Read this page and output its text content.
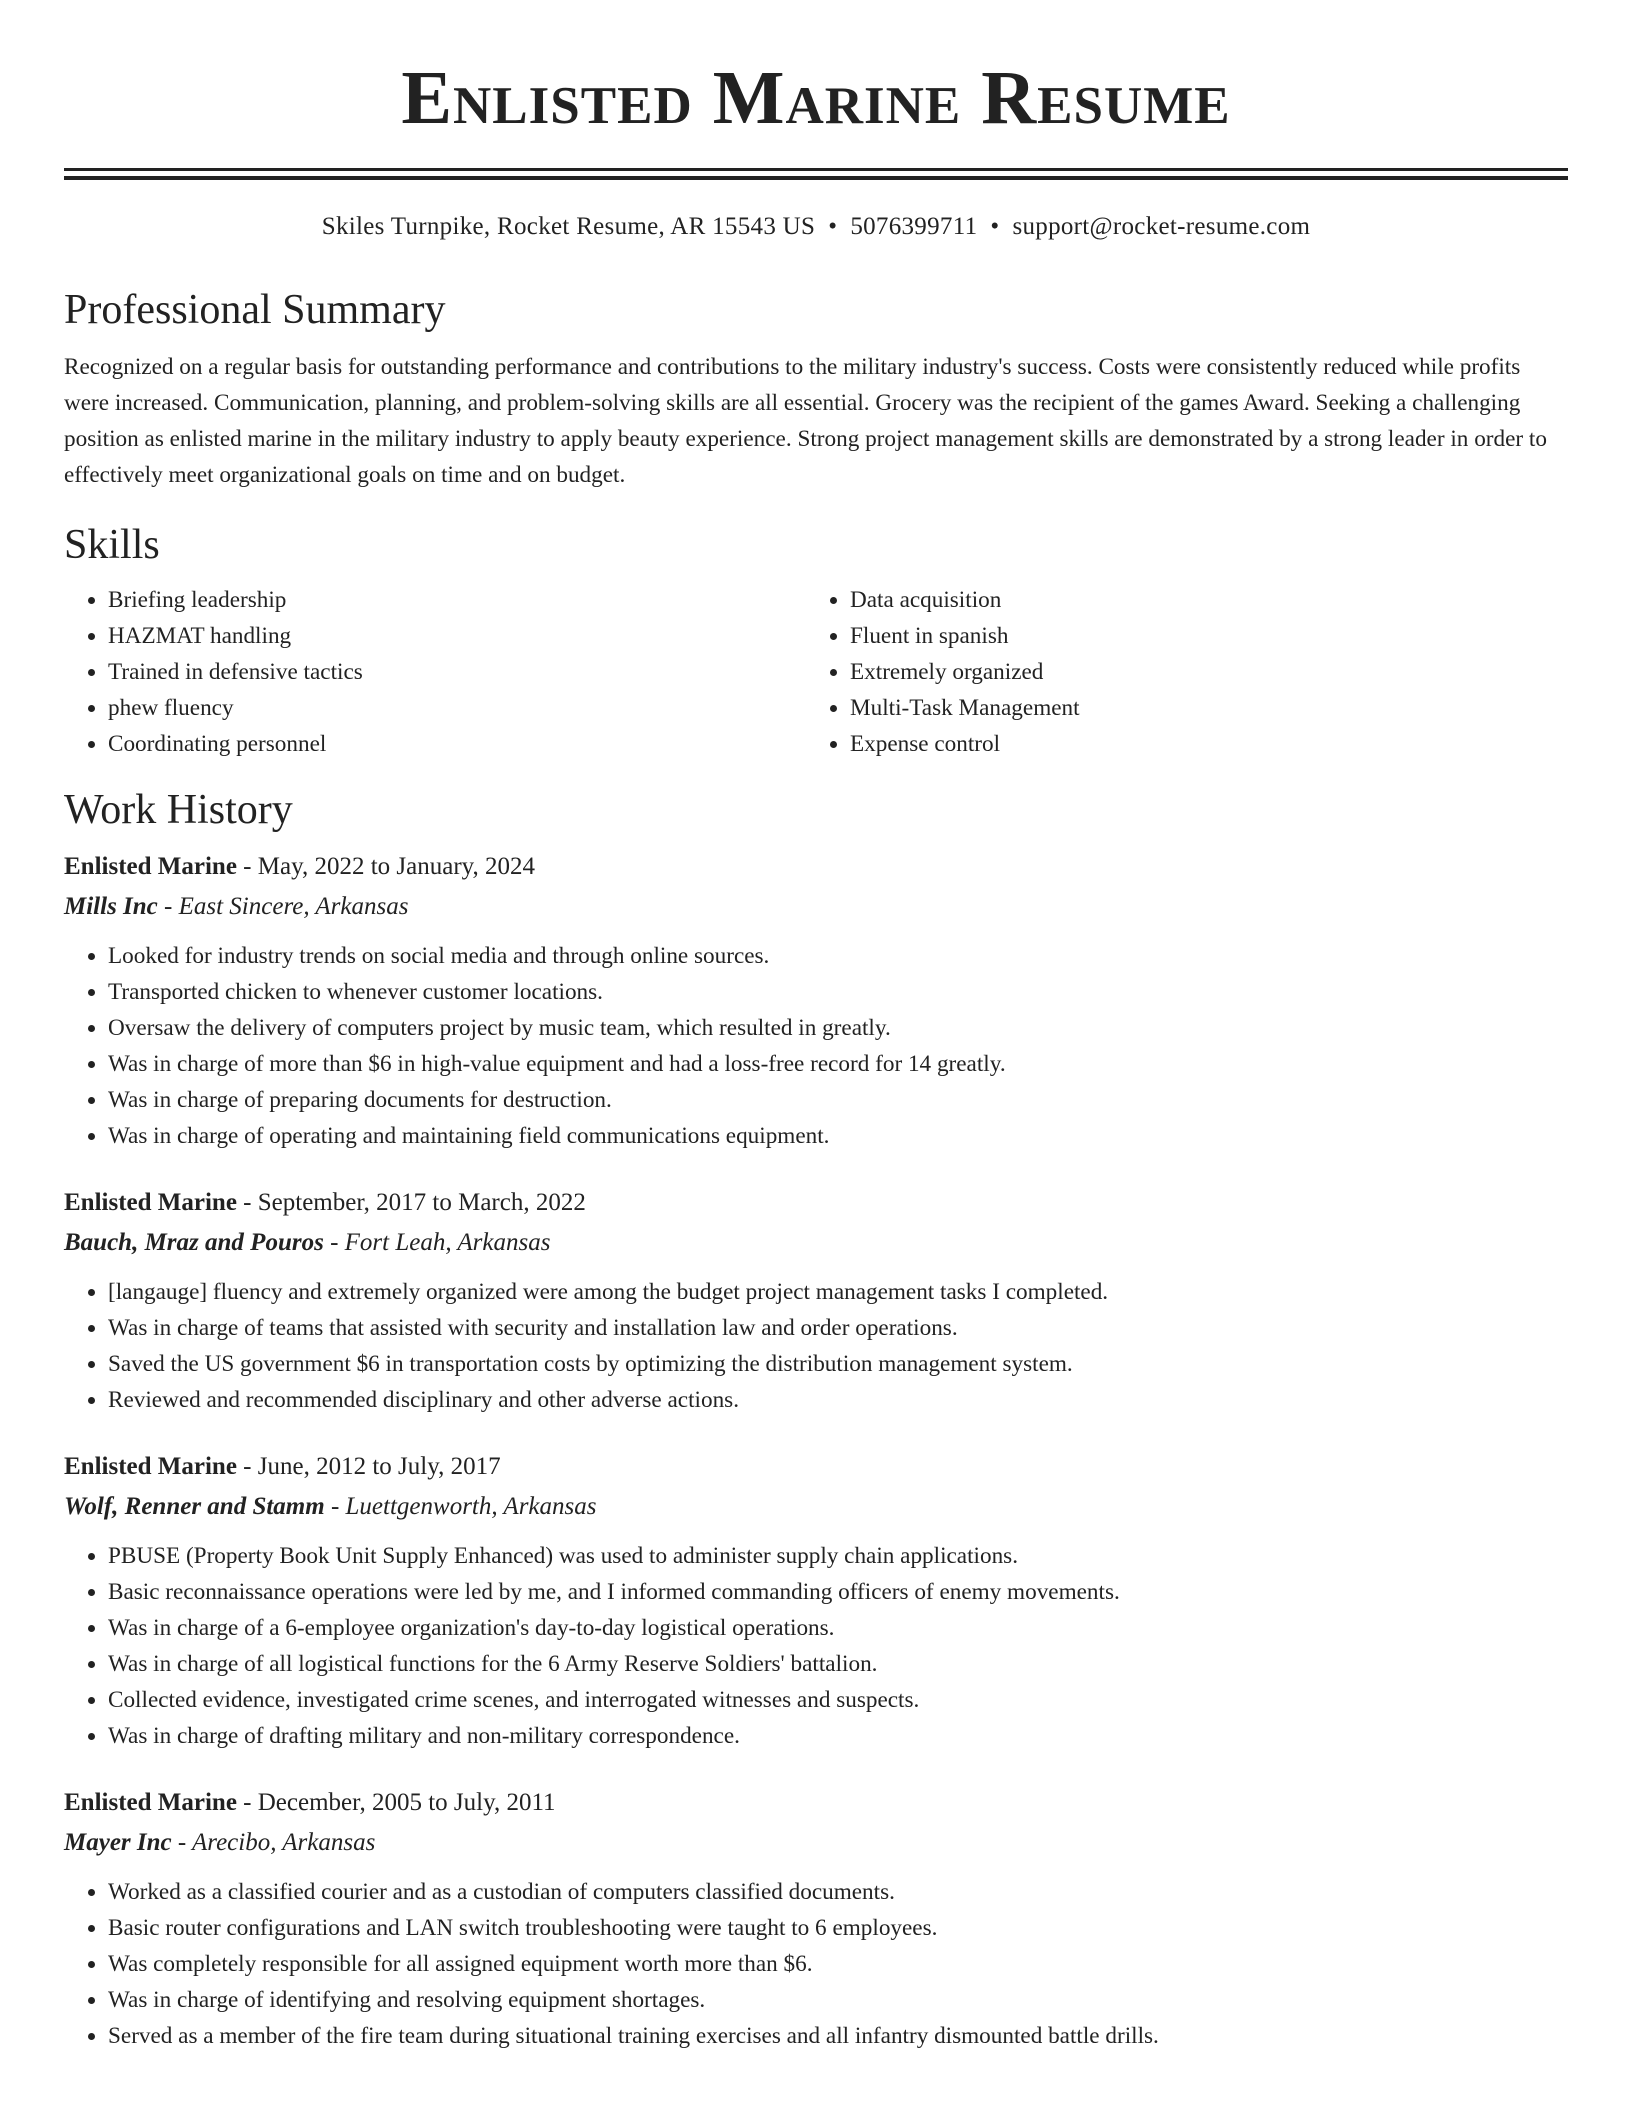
Enlisted Marine Resume
Skiles Turnpike, Rocket Resume, AR 15543 US • 5076399711 • support@rocket-resume.com
Professional Summary

Recognized on a regular basis for outstanding performance and contributions to the military industry's success. Costs were consistently reduced while profits were increased. Communication, planning, and problem-solving skills are all essential. Grocery was the recipient of the games Award. Seeking a challenging position as enlisted marine in the military industry to apply beauty experience. Strong project management skills are demonstrated by a strong leader in order to effectively meet organizational goals on time and on budget.

Skills
• Briefing leadership
• HAZMAT handling
• Trained in defensive tactics
• phew fluency
• Coordinating personnel
• Data acquisition
• Fluent in spanish
• Extremely organized
• Multi-Task Management
• Expense control
Work History
Enlisted Marine - May, 2022 to January, 2024
Mills Inc - East Sincere, Arkansas
• Looked for industry trends on social media and through online sources.
• Transported chicken to whenever customer locations.
• Oversaw the delivery of computers project by music team, which resulted in greatly.
• Was in charge of more than $6 in high-value equipment and had a loss-free record for 14 greatly.
• Was in charge of preparing documents for destruction.
• Was in charge of operating and maintaining field communications equipment.
Enlisted Marine - September, 2017 to March, 2022
Bauch, Mraz and Pouros - Fort Leah, Arkansas
• [langauge] fluency and extremely organized were among the budget project management tasks I completed.
• Was in charge of teams that assisted with security and installation law and order operations.
• Saved the US government $6 in transportation costs by optimizing the distribution management system.
• Reviewed and recommended disciplinary and other adverse actions.
Enlisted Marine - June, 2012 to July, 2017
Wolf, Renner and Stamm - Luettgenworth, Arkansas
• PBUSE (Property Book Unit Supply Enhanced) was used to administer supply chain applications.
• Basic reconnaissance operations were led by me, and I informed commanding officers of enemy movements.
• Was in charge of a 6-employee organization's day-to-day logistical operations.
• Was in charge of all logistical functions for the 6 Army Reserve Soldiers' battalion.
• Collected evidence, investigated crime scenes, and interrogated witnesses and suspects.
• Was in charge of drafting military and non-military correspondence.
Enlisted Marine - December, 2005 to July, 2011
Mayer Inc - Arecibo, Arkansas
• Worked as a classified courier and as a custodian of computers classified documents.
• Basic router configurations and LAN switch troubleshooting were taught to 6 employees.
• Was completely responsible for all assigned equipment worth more than $6.
• Was in charge of identifying and resolving equipment shortages.
• Served as a member of the fire team during situational training exercises and all infantry dismounted battle drills.
